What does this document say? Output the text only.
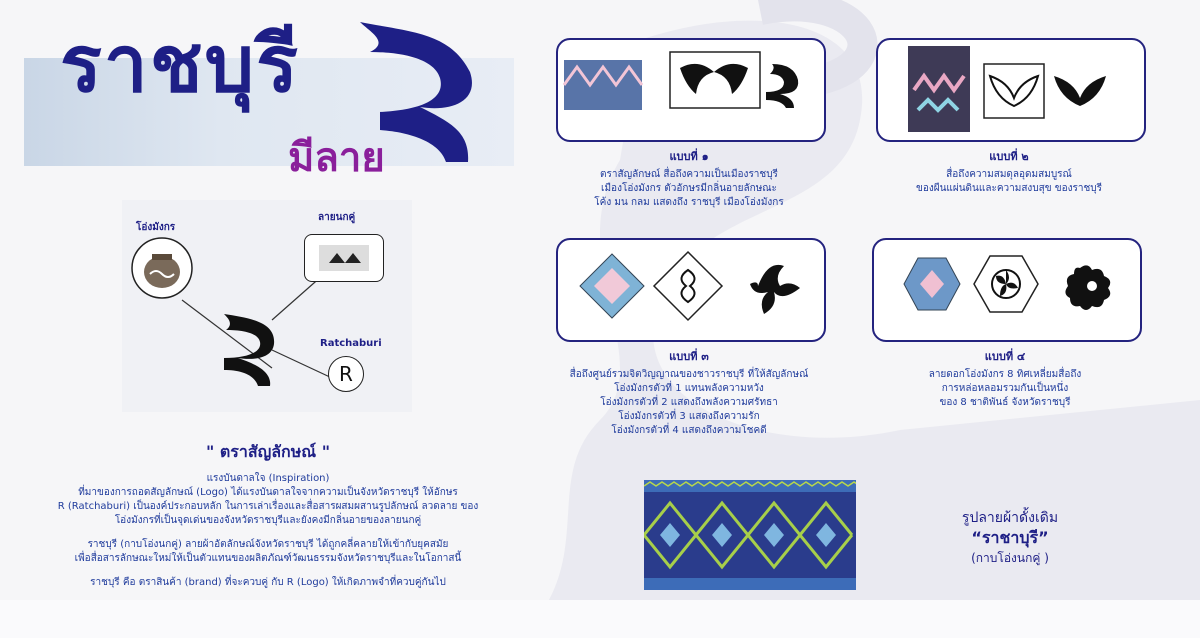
ราชบุรี
มีลาย
โอ่งมังกร
ลายนกคู่
Ratchaburi
R
" ตราสัญลักษณ์ "
แรงบันดาลใจ (Inspiration)
ที่มาของการถอดสัญลักษณ์ (Logo) ได้แรงบันดาลใจจากความเป็นจังหวัดราชบุรี ให้อักษร
R (Ratchaburi) เป็นองค์ประกอบหลัก ในการเล่าเรื่องและสื่อสารผสมผสานรูปลักษณ์ ลวดลาย ของ
โอ่งมังกรที่เป็นจุดเด่นของจังหวัดราชบุรีและยังคงมีกลิ่นอายของลายนกคู่
ราชบุรี (กาบโอ่งนกคู่) ลายผ้าอัตลักษณ์จังหวัดราชบุรี ได้ถูกคลี่คลายให้เข้ากับยุคสมัย
เพื่อสื่อสารลักษณะใหม่ให้เป็นตัวแทนของผลิตภัณฑ์วัฒนธรรมจังหวัดราชบุรีและในโอกาสนี้
ราชบุรี คือ ตราสินค้า (brand) ที่จะควบคู่ กับ R (Logo) ให้เกิดภาพจำที่ควบคู่กันไป
แบบที่ ๑
ตราสัญลักษณ์ สื่อถึงความเป็นเมืองราชบุรี
เมืองโอ่งมังกร ตัวอักษรมีกลิ่นอายลักษณะ
โค้ง มน กลม แสดงถึง ราชบุรี เมืองโอ่งมังกร
แบบที่ ๒
สื่อถึงความสมดุลอุดมสมบูรณ์
ของผืนแผ่นดินและความสงบสุข ของราชบุรี
แบบที่ ๓
สื่อถึงศูนย์รวมจิตวิญญาณของชาวราชบุรี ที่ให้สัญลักษณ์
โอ่งมังกรตัวที่ 1 แทนพลังความหวัง
โอ่งมังกรตัวที่ 2 แสดงถึงพลังความศรัทธา
โอ่งมังกรตัวที่ 3 แสดงถึงความรัก
โอ่งมังกรตัวที่ 4 แสดงถึงความโชคดี
แบบที่ ๔
ลายดอกโอ่งมังกร 8 ทิศเหลี่ยมสื่อถึง
การหล่อหลอมรวมกันเป็นหนึ่ง
ของ 8 ชาติพันธ์ จังหวัดราชบุรี
รูปลายผ้าดั้งเดิม
“ราชาบุรี”
(กาบโอ่งนกคู่ )
